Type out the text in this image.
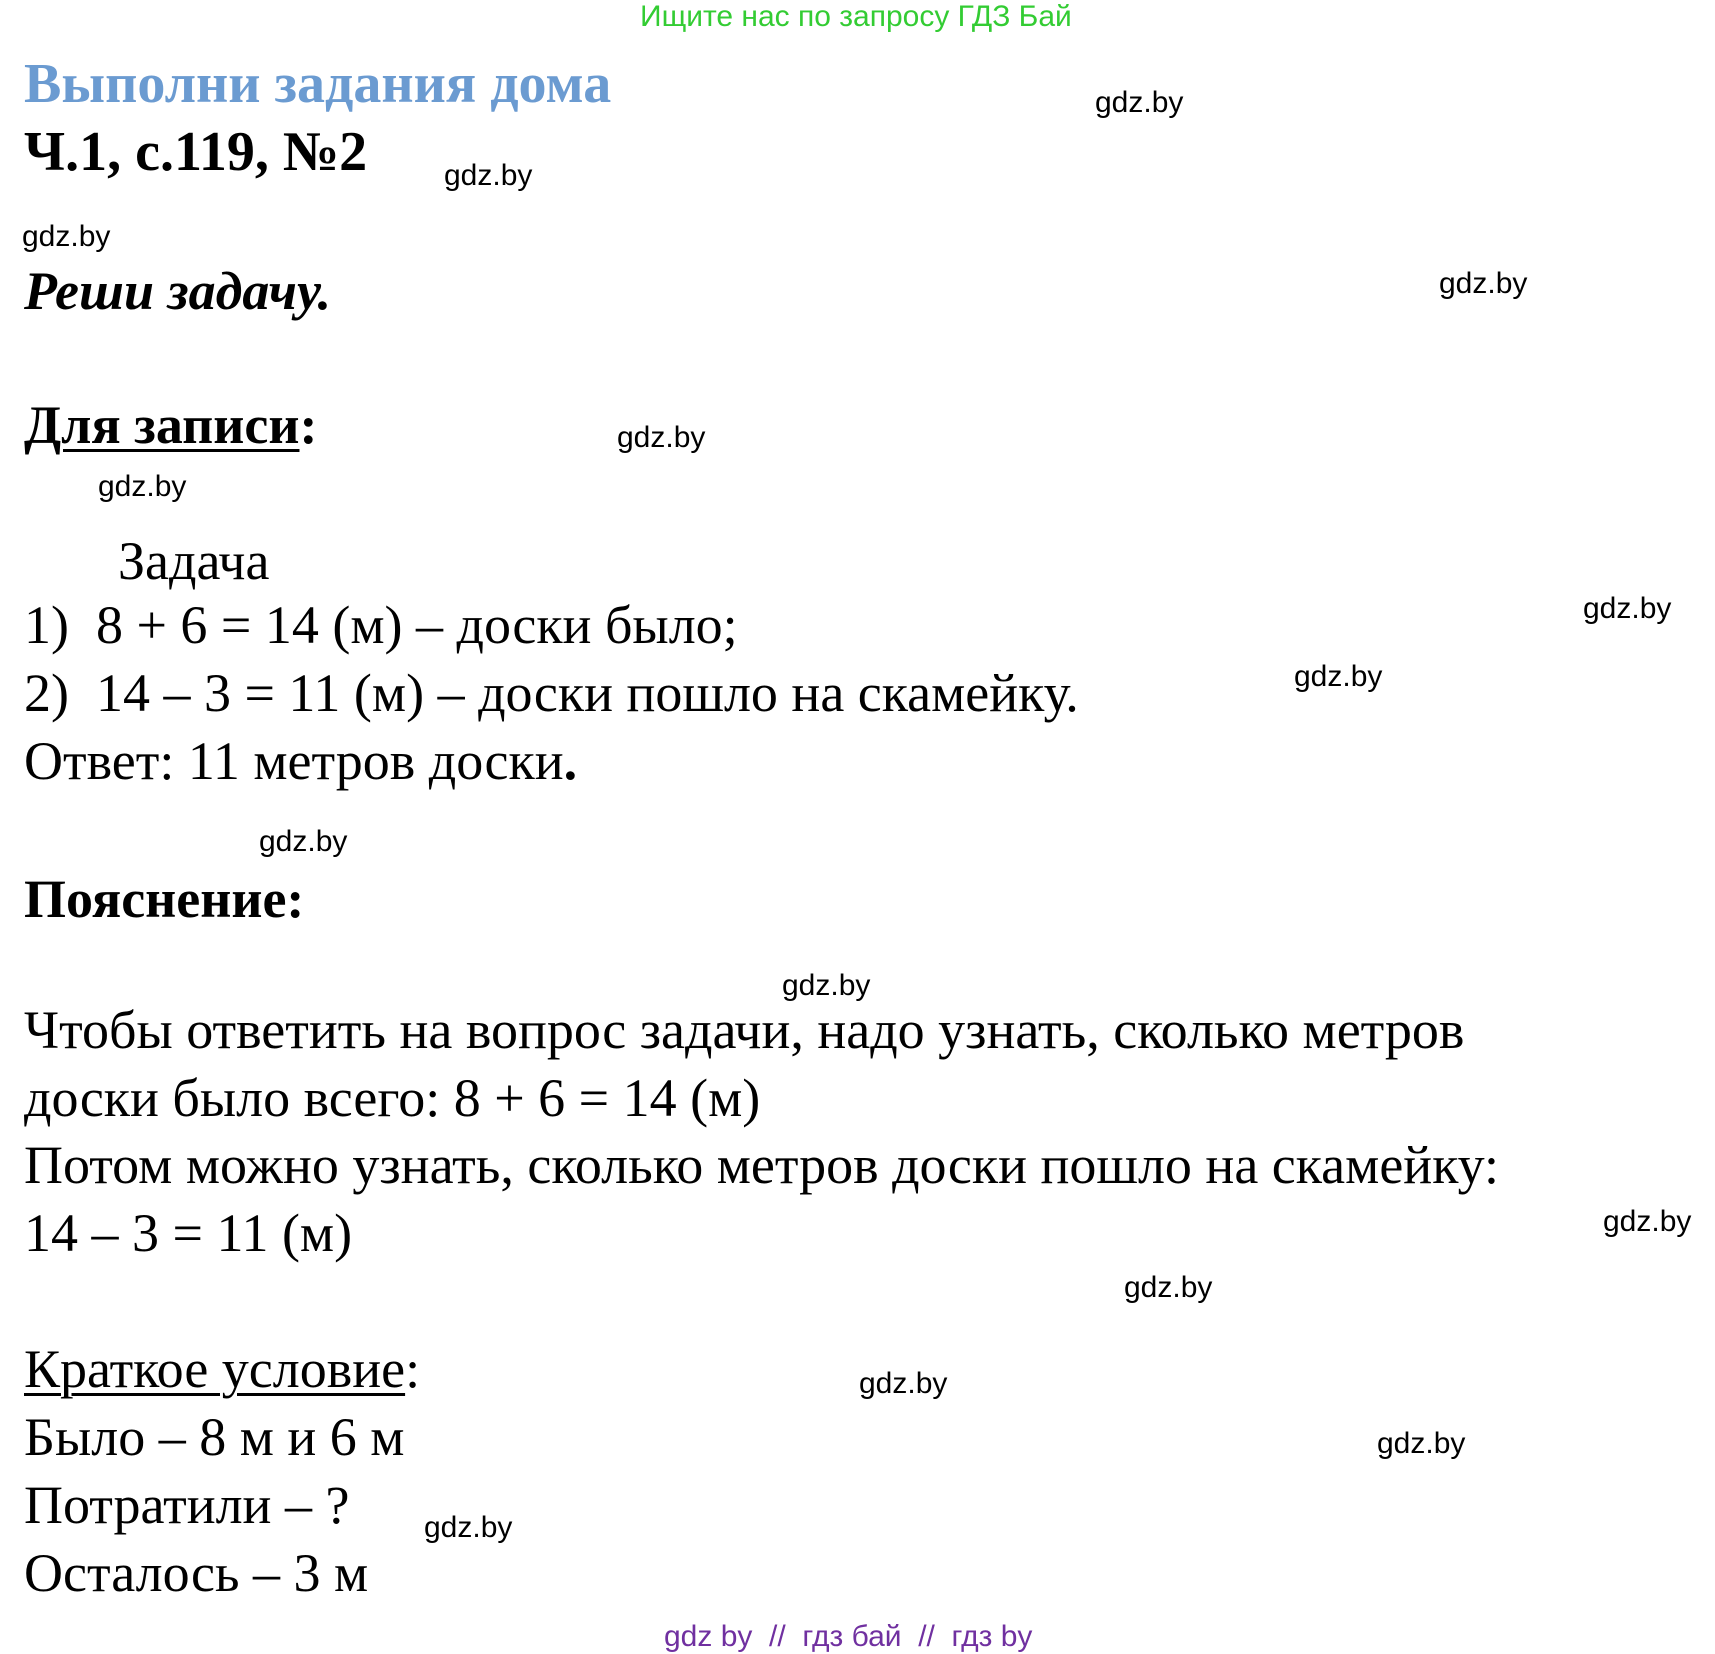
Ищите нас по запросу ГДЗ Бай
Выполни задания дома
Ч.1, с.119, №2
Реши задачу.
Для записи:
Задача
1)  8 + 6 = 14 (м) – доски было;
2)  14 – 3 = 11 (м) – доски пошло на скамейку.
Ответ: 11 метров доски.
Пояснение:
Чтобы ответить на вопрос задачи, надо узнать, сколько метров
доски было всего: 8 + 6 = 14 (м)
Потом можно узнать, сколько метров доски пошло на скамейку:
14 – 3 = 11 (м)
Краткое условие:
Было – 8 м и 6 м
Потратили – ?
Осталось – 3 м
gdz.by
gdz.by
gdz.by
gdz.by
gdz.by
gdz.by
gdz.by
gdz.by
gdz.by
gdz.by
gdz.by
gdz.by
gdz.by
gdz.by
gdz.by
gdz by  //  гдз бай  //  гдз by
